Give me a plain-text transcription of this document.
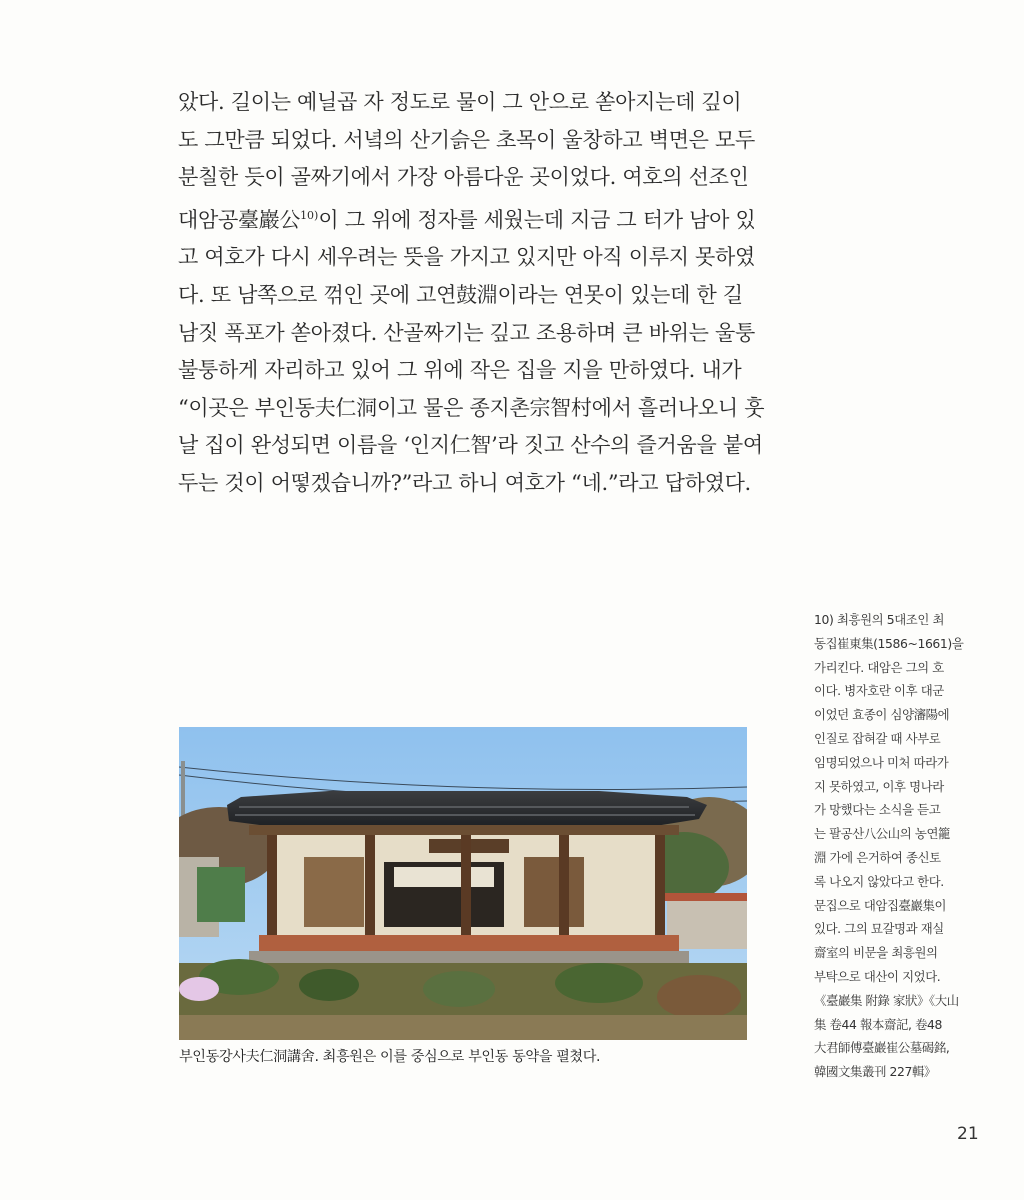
았다. 길이는 예닐곱 자 정도로 물이 그 안으로 쏟아지는데 깊이
도 그만큼 되었다. 서녘의 산기슭은 초목이 울창하고 벽면은 모두
분칠한 듯이 골짜기에서 가장 아름다운 곳이었다. 여호의 선조인
대암공臺巖公$^{10)}$이 그 위에 정자를 세웠는데 지금 그 터가 남아 있
고 여호가 다시 세우려는 뜻을 가지고 있지만 아직 이루지 못하였
다. 또 남쪽으로 꺾인 곳에 고연鼓淵이라는 연못이 있는데 한 길
남짓 폭포가 쏟아졌다. 산골짜기는 깊고 조용하며 큰 바위는 울퉁
불퉁하게 자리하고 있어 그 위에 작은 집을 지을 만하였다. 내가
“이곳은 부인동夫仁洞이고 물은 종지촌宗智村에서 흘러나오니 훗
날 집이 완성되면 이름을 ‘인지仁智’라 짓고 산수의 즐거움을 붙여
두는 것이 어떻겠습니까?”라고 하니 여호가 “네.”라고 답하였다.
10) 최흥원의 5대조인 최
동집崔東集(1586~1661)을
가리킨다. 대암은 그의 호
이다. 병자호란 이후 대군
이었던 효종이 심양瀋陽에
인질로 잡혀갈 때 사부로
임명되었으나 미처 따라가
지 못하였고, 이후 명나라
가 망했다는 소식을 듣고
는 팔공산八公山의 농연籠
淵 가에 은거하여 종신토
록 나오지 않았다고 한다.
문집으로 대암집臺巖集이
있다. 그의 묘갈명과 재실
齋室의 비문을 최흥원의
부탁으로 대산이 지었다.
《臺巖集 附錄 家狀》《大山
集 卷44 報本齋記, 卷48
大君師傅臺巖崔公墓碣銘,
韓國文集叢刊 227輯》
부인동강사夫仁洞講舍. 최흥원은 이를 중심으로 부인동 동약을 펼쳤다.
21
